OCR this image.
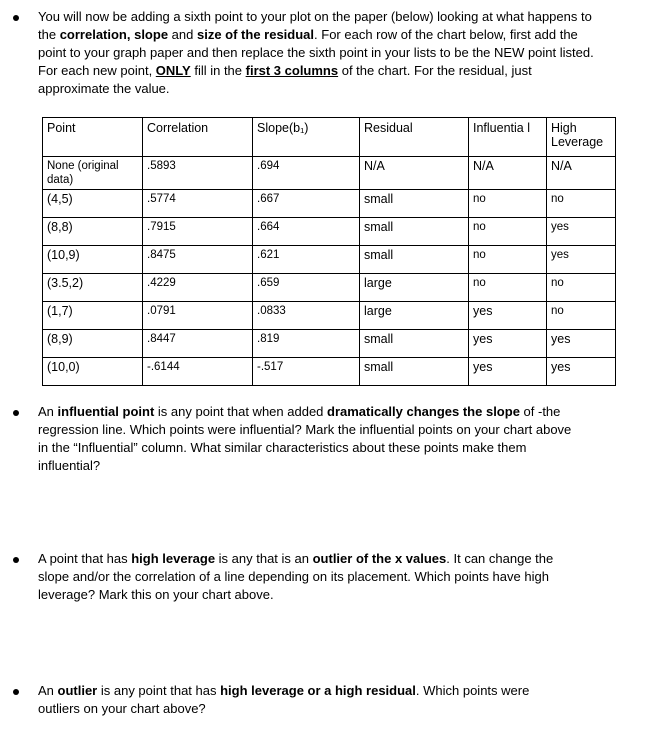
You will now be adding a sixth point to your plot on the paper (below) looking at what happens to the correlation, slope and size of the residual. For each row of the chart below, first add the point to your graph paper and then replace the sixth point in your lists to be the NEW point listed. For each new point, ONLY fill in the first 3 columns of the chart. For the residual, just approximate the value.
Point	Correlation	Slope(b₁)	Residual	Influentia l	High Leverage
None (original data)	.5893	.694	N/A	N/A	N/A
(4,5)	.5774	.667	small	no	no
(8,8)	.7915	.664	small	no	yes
(10,9)	.8475	.621	small	no	yes
(3.5,2)	.4229	.659	large	no	no
(1,7)	.0791	.0833	large	yes	no
(8,9)	.8447	.819	small	yes	yes
(10,0)	-.6144	-.517	small	yes	yes
An influential point is any point that when added dramatically changes the slope of -the regression line. Which points were influential? Mark the influential points on your chart above in the “Influential” column. What similar characteristics about these points make them influential?
A point that has high leverage is any that is an outlier of the x values. It can change the slope and/or the correlation of a line depending on its placement. Which points have high leverage? Mark this on your chart above.
An outlier is any point that has high leverage or a high residual. Which points were outliers on your chart above?
